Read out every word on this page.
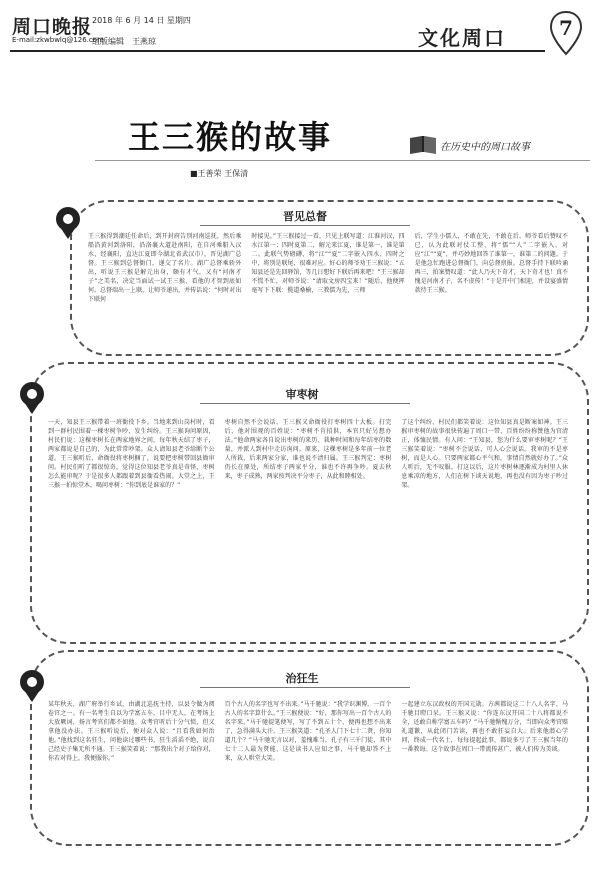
周口晚报 2018 年 6 月 14 日 星期四
E-mail:zkwbwlq@126.com
组版编辑 王燕琼	文化周口	7
王三猴的故事	在历史中的周口故事
■王善荣 王保清
晋见总督
王三猴得到潮廷任命后，到开封府告别河南巡抚，然后乘船沿黄河到洛阳，沿洛襄大道赴南阳，在自河乘船入汉水，经襄阳，直达江夏即今湖北省武汉市），晋见湖广总督。王三猴到总督衙门，递交了名片。湖广总督乘轿外出，听说王三猴是解元出身，颇有才气，又有“河南才子”之美名，决定当面试一试王三猴，看他的才智到底如何。总督端出一上联，让师爷递出，并传话说：“何时对出下联何
时接见。”王三猴接过一看，只见上联写道：江淮河汉，四水江第一；四时夏第二，解元来江夏，谁是第一，谁是第二。此联气势磅礴，将“江”“夏”二字嵌入四水、四时之中，将别是联尾，很难对应。好心的师爷劝王三猴说：“五知县还是先回驿馆，等几日想好下联后再来吧！”王三猴却不慌不忙，对师爷说：“请取文房四宝来！”随后，他便挥毫写下下联：揽道桑榆，三教儒为先，三师
后，学生小儒人，不敢在先，不敢在后。师爷看后赞叹不已，认为此联对仗工整，将“儒”“人”二字嵌入，对应“江”“夏”，并巧妙地回答了谁第一，谁第二的问题。于是他急忙跑进总督衙门，向总督禀报。总督手持下联吟诵再三，拍案赞叹道：“此人乃天下奇才，天下奇才也！真不愧是河南才子，名不虚传！”于是开中门相迎，并设宴盛情款待王三猴。
审枣树
一天，知县王三猴带着一班衙役下乡。当地来到山岗村时，看到一群村民围着一棵枣树争吵，发生纠纷。王三猴询问原因，村民们说：这棵枣树长在两家地界之间，每年秋天结了枣子，两家都说是自己的，为此常常吵架。众人请知县老爷给断个公道。王三猴听后，命衙役将枣树捆了，说要把枣树带回县衙审问。村民们听了都很惊奇，觉得这位知县老爷真是奇怪，枣树怎么能审呢？于是很多人都跟着到县衙看热闹。大堂之上，王三猴一拍惊堂木，喝问枣树：“你到底是谁家的？”
枣树自然不会说话。王三猴又命衙役打枣树四十大板。打完后，他对围观的百姓说：“枣树不肯招供，本官只好另想办法。”他命两家各自说出枣树的来历、栽种时间和每年结枣的数量，并派人到村中走访询问。原来，这棵枣树是多年前一位老人所栽，后来两家分家，谁也说不清归属。王三猴判定：枣树仍长在原处，所结枣子两家平分，谁也不许再争吵。夏去秋来，枣子成熟，两家按判决平分枣子，从此和睦相处。
了这个纠纷，村民们都笑着说：这位知县真是断案如神。王三猴审枣树的故事很快传遍了周口一带，百姓纷纷称赞他为官清正，体恤民情。有人问：“王知县，您为什么要审枣树呢？”王三猴笑着说：“枣树不会说话，可人心会说话。我审的不是枣树，而是人心。只要两家都心平气和，事情自然就好办了。”众人听后，无不叹服。打这以后，这片枣树林逐渐成为村里人休息乘凉的地方，人们在树下谈天说地，再也没有因为枣子吵过架。
治狂生
某年秋天，湖广府举行乡试，由湖北巡抚主持，以县令做为阅卷官之一。有一名考生自以为学富五车，目中无人，在考场上大放厥词，扬言考官们都不如他。众考官听后十分气愤，但又拿他没办法。王三猴听说后，便对众人说：“且看我如何治他。”他找到这名狂生，问他读过哪些书，狂生滔滔不绝，说自己经史子集无所不通。王三猴笑着说：“那我出个对子给你对，你若对得上，我便服你。”
百个古人的名字也写不出来。”马千驰说：“我学识渊博，一百个古人的名字算什么。”王三猴便说：“好，那你写出一百个古人的名字来。”马千驰提笔便写，写了不到五十个，便再也想不出来了，急得满头大汗。王三猴笑道：“孔圣人门下七十二贤，你知道几个？”马千驰无言以对，羞愧难当。孔子有三千门徒，其中七十二人最为贤能，这是读书人应知之事，马千驰却答不上来，众人哄堂大笑。
一起建立东汉政权的开国元勋。方茜都说这二十八人名字，马千驰目瞪口呆。王三猴又说：“你连东汉开国二十八将都说不全，还敢自称学富五车吗？”马千驰惭愧万分，当即向众考官赔礼道歉，从此闭门苦读，再也不敢狂妄自大。后来他潜心学问，终成一代名士，每每提起此事，都说多亏了王三猴当年的一番教诲。这个故事在周口一带流传甚广，被人们传为美谈。
